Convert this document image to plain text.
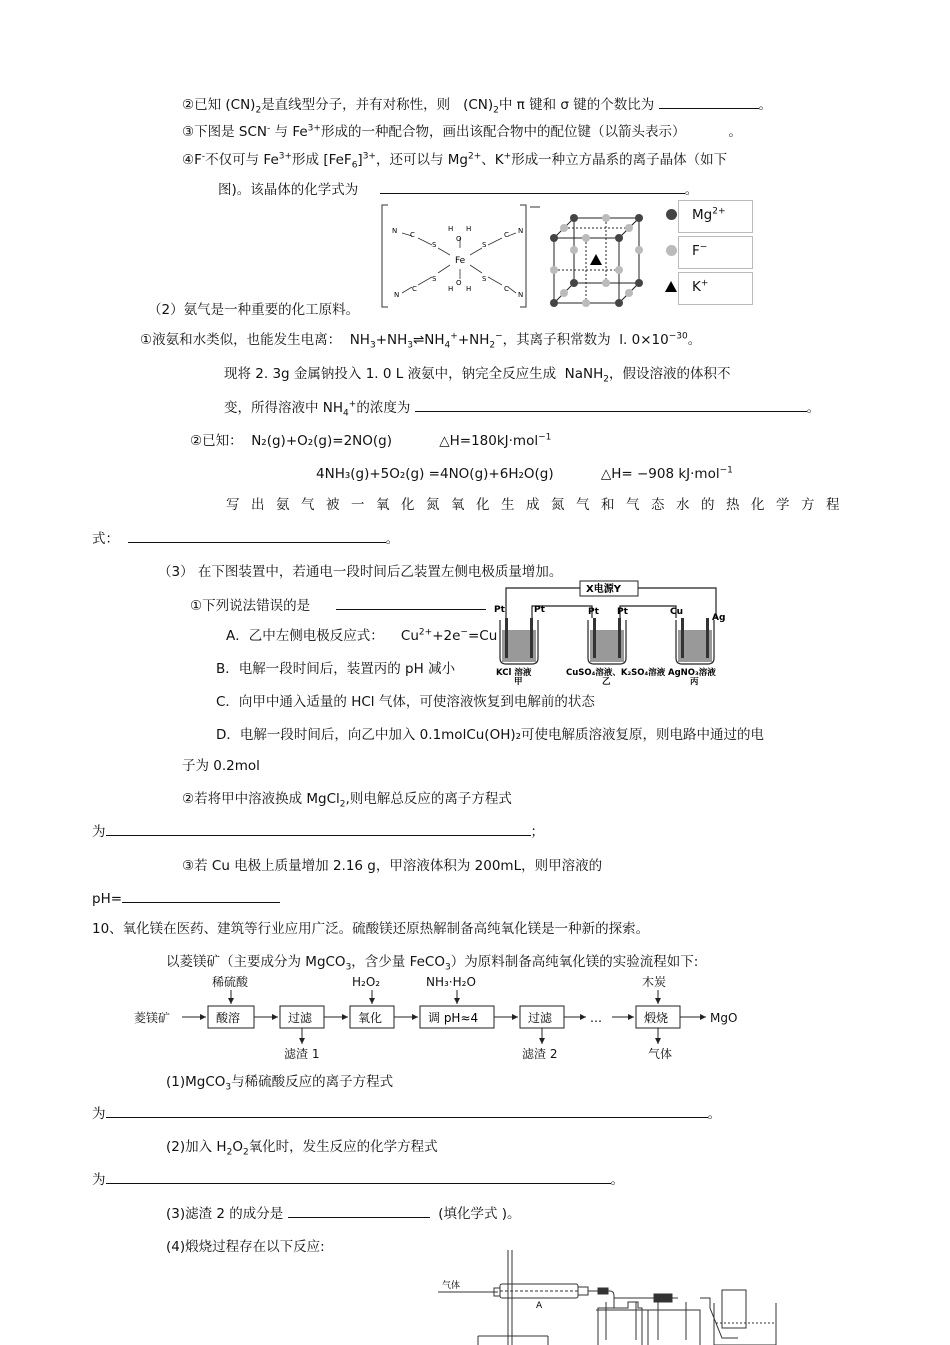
②已知 $(CN)_2$是直线型分子，并有对称性，则 $(CN)_2$中 π 键和 σ 键的个数比为	。
③下图是 SCN- 与 $Fe^{3+}$形成的一种配合物，画出该配合物中的配位键（以箭头表示）	。
④F-不仅可与 $Fe^{3+}$形成 $[FeF_6]^{3+}$，还可以与 $Mg^{2+}$、K+形成一种立方晶系的离子晶体（如下
图)。该晶体的化学式为	。
Fe
N C
S
H
O
H
S
C N
S
C
N
H
O
H
S
C
N
$Mg^{2+}$
F−
K+
（2）氨气是一种重要的化工原料。
①液氨和水类似，也能发生电离： $NH_3+NH_3\rightleftharpoons NH_4^++NH_2^-$，其离子积常数为 l. $0\times 10^{-30}$。
现将 2. 3g 金属钠投入 1. 0 L 液氨中，钠完全反应生成 NaNH$_2$，假设溶液的体积不
变，所得溶液中 $NH_4^+$的浓度为	。
②已知： N₂(g)+O₂(g)=2NO(g)	△H=180kJ·mol$^{-1}$
4NH₃(g)+5O₂(g) =4NO(g)+6H₂O(g)	△H= −908 kJ·mol$^{-1}$
写出氨气被一氧化氮氧化生成氮气和气态水的热化学方程
式：	。
（3） 在下图装置中，若通电一段时间后乙装置左侧电极质量增加。
①下列说法错误的是
X电源Y
Pt	Pt	Pt Pt	Cu
Ag
KCl 溶液	CuSO₄溶液、K₂SO₄溶液 AgNO₃溶液
甲	乙	丙
A．乙中左侧电极反应式： $Cu^{2+}+2e^-=Cu$
B．电解一段时间后，装置丙的 pH 减小
C．向甲中通入适量的 HCl 气体，可使溶液恢复到电解前的状态
D．电解一段时间后，向乙中加入 0.1molCu(OH)₂可使电解质溶液复原，则电路中通过的电
子为 0.2mol
②若将甲中溶液换成 MgCl$_2$,则电解总反应的离子方程式
为	；
③若 Cu 电极上质量增加 2.16 g，甲溶液体积为 200mL，则甲溶液的
pH=
10、氧化镁在医药、建筑等行业应用广泛。硫酸镁还原热解制备高纯氧化镁是一种新的探索。
以菱镁矿（主要成分为 MgCO$_3$，含少量 FeCO$_3$）为原料制备高纯氧化镁的实验流程如下:
菱镁矿
稀硫酸	H₂O₂	NH₃·H₂O	木炭
MgO
滤渣 1	滤渣 2	气体
酸溶	过滤	氧化	调 pH≈4	过滤	…	煅烧
(1)MgCO$_3$与稀硫酸反应的离子方程式
为	。
(2)加入 $H_2O_2$氧化时，发生反应的化学方程式
为	。
(3)滤渣 2 的成分是	(填化学式 )。
(4)煅烧过程存在以下反应:
气体
A
